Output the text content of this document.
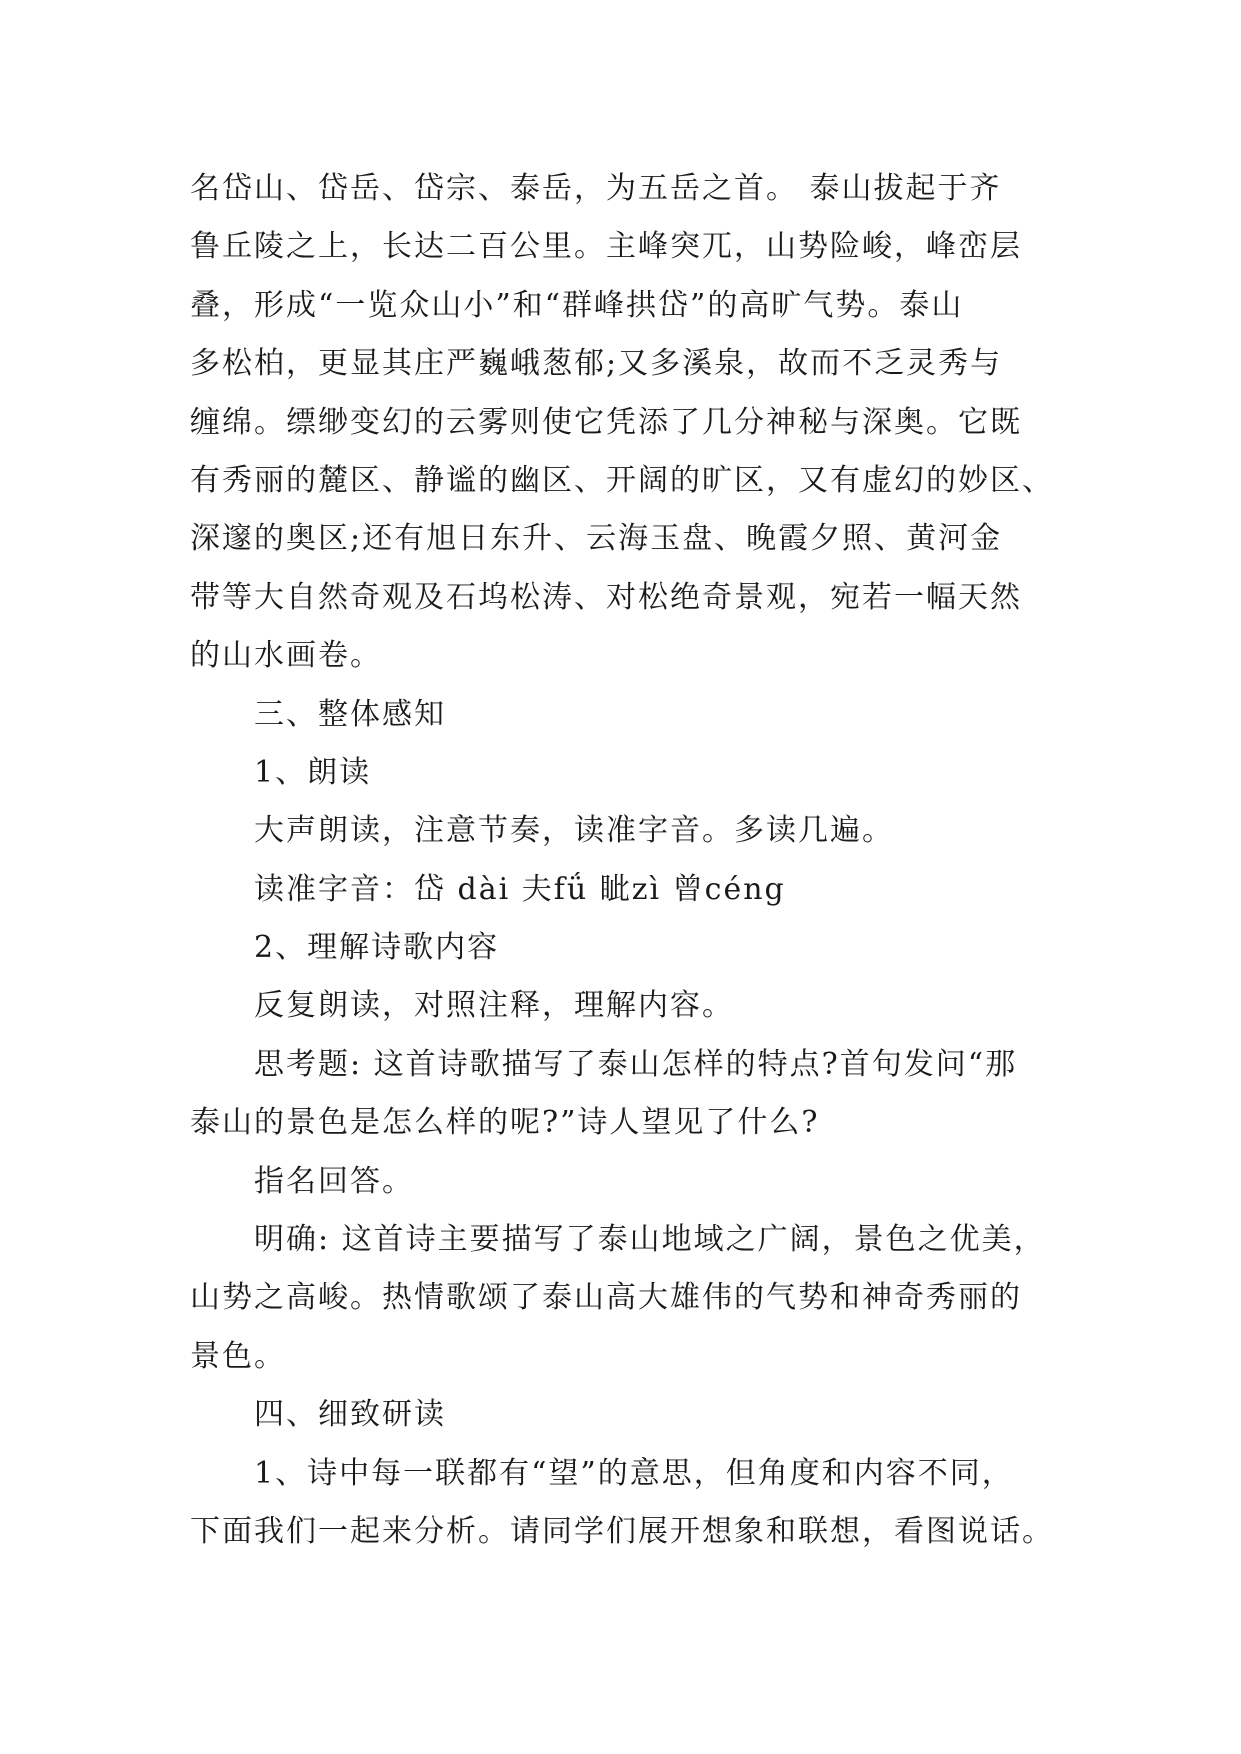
名岱山、岱岳、岱宗、泰岳，为五岳之首。 泰山拔起于齐
鲁丘陵之上，长达二百公里。主峰突兀，山势险峻，峰峦层
叠，形成“一览众山小”和“群峰拱岱”的高旷气势。泰山
多松柏，更显其庄严巍峨葱郁;又多溪泉，故而不乏灵秀与
缠绵。缥缈变幻的云雾则使它凭添了几分神秘与深奥。它既
有秀丽的麓区、静谧的幽区、开阔的旷区，又有虚幻的妙区、
深邃的奥区;还有旭日东升、云海玉盘、晚霞夕照、黄河金
带等大自然奇观及石坞松涛、对松绝奇景观，宛若一幅天然
的山水画卷。
三、整体感知
1、朗读
大声朗读，注意节奏，读准字音。多读几遍。
读准字音：岱 dài 夫fǘ 眦zì 曾céng
2、理解诗歌内容
反复朗读，对照注释，理解内容。
思考题: 这首诗歌描写了泰山怎样的特点?首句发问“那
泰山的景色是怎么样的呢?”诗人望见了什么?
指名回答。
明确: 这首诗主要描写了泰山地域之广阔，景色之优美，
山势之高峻。热情歌颂了泰山高大雄伟的气势和神奇秀丽的
景色。
四、细致研读
1、诗中每一联都有“望”的意思，但角度和内容不同，
下面我们一起来分析。请同学们展开想象和联想，看图说话。
